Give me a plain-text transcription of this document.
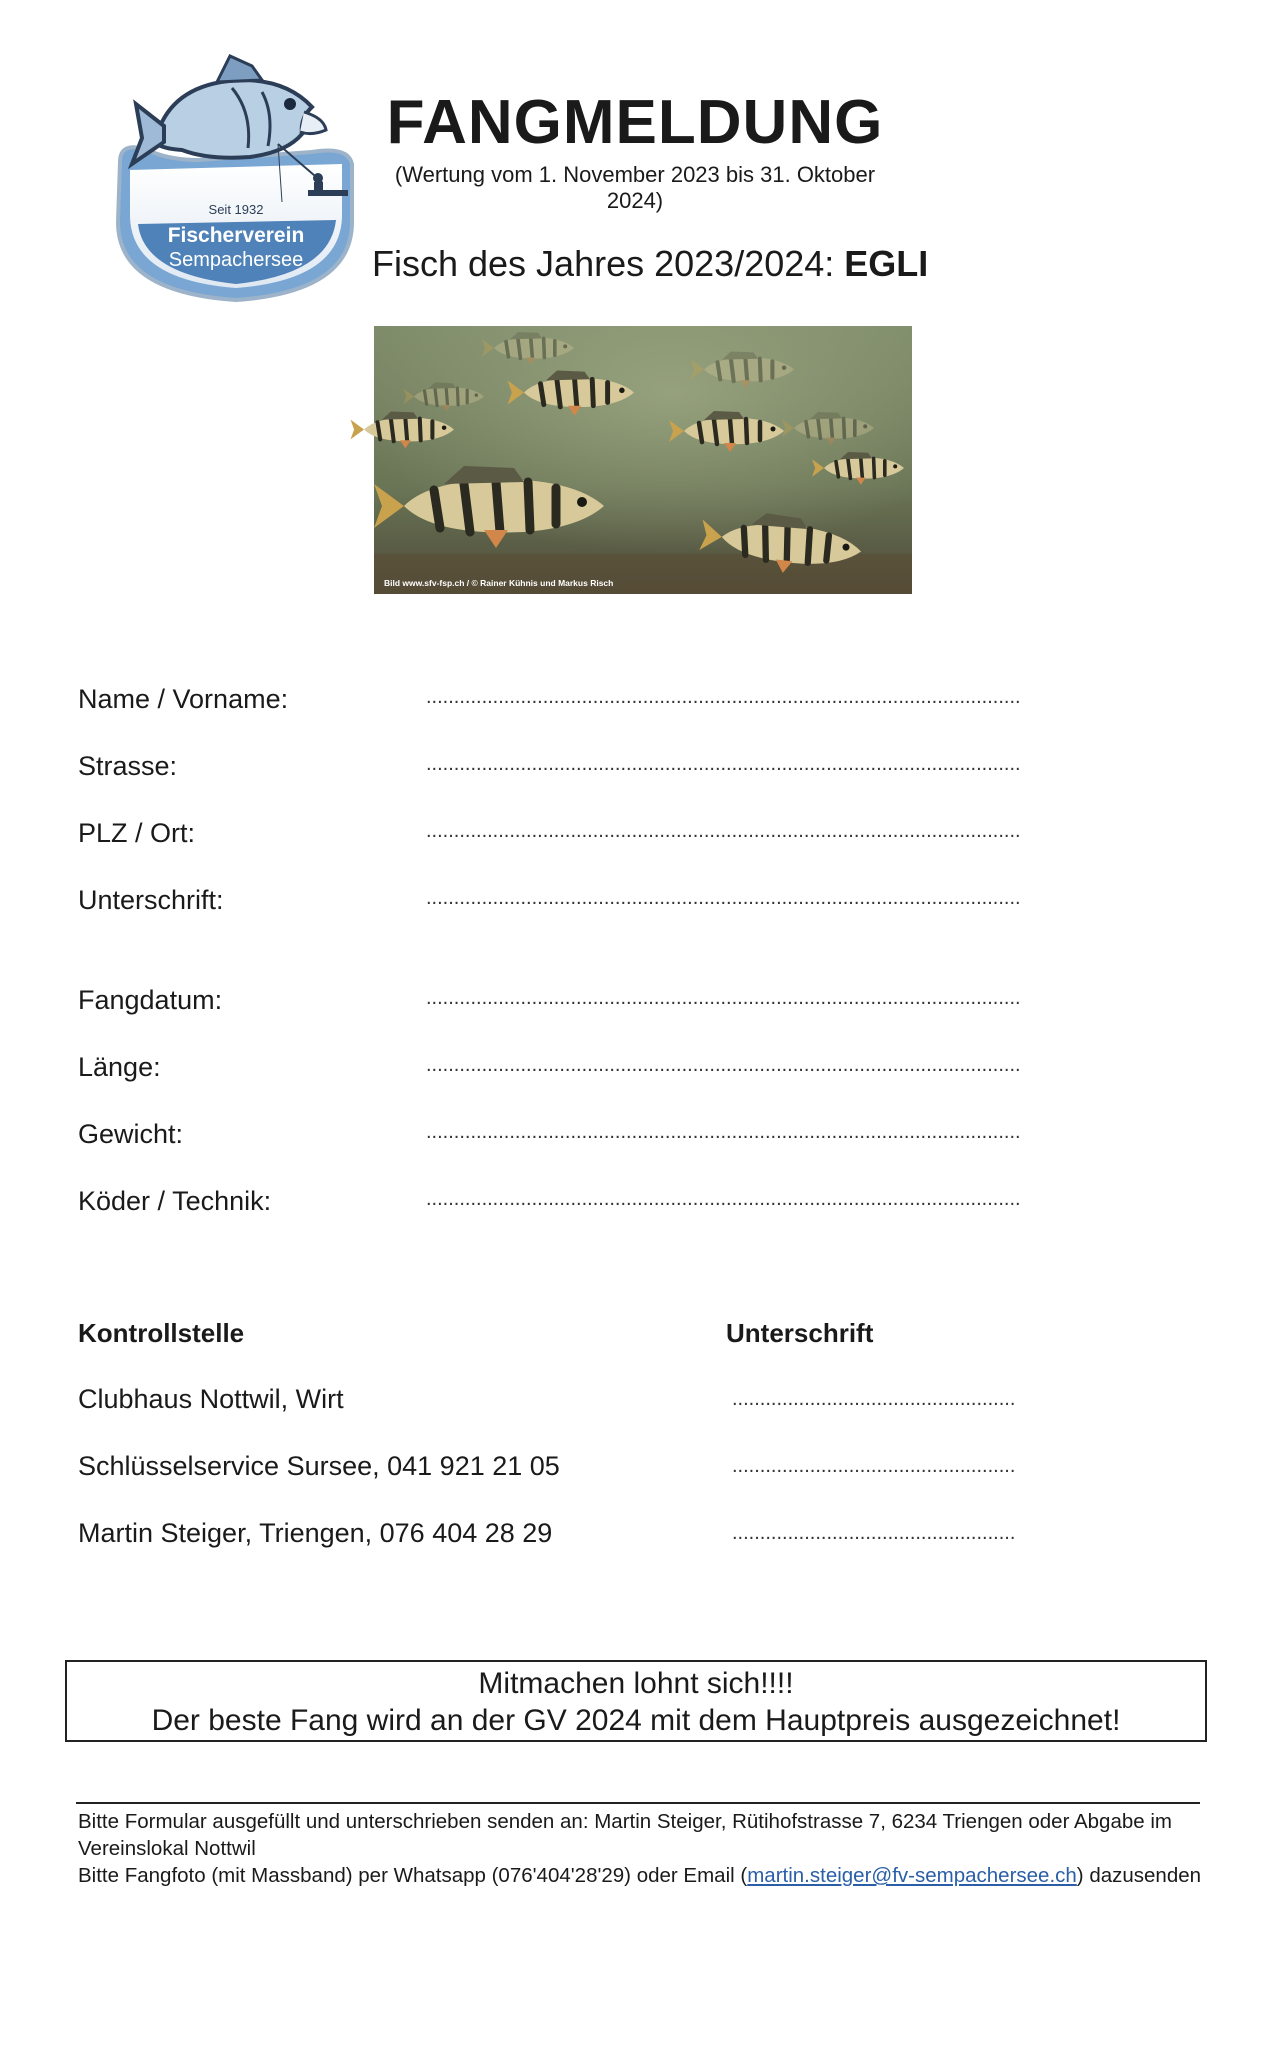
Seit 1932
Fischerverein
Sempachersee
FANGMELDUNG
(Wertung vom 1. November 2023 bis 31. Oktober 2024)
Fisch des Jahres 2023/2024: EGLI
Bild www.sfv-fsp.ch / © Rainer Kühnis und Markus Risch
Name / Vorname:	...........................................................................................................
Strasse:	...........................................................................................................
PLZ / Ort:	...........................................................................................................
Unterschrift:	...........................................................................................................
Fangdatum:	...........................................................................................................
Länge:	...........................................................................................................
Gewicht:	...........................................................................................................
Köder / Technik:	...........................................................................................................
Kontrollstelle	Unterschrift
Clubhaus Nottwil, Wirt	...................................................
Schlüsselservice Sursee, 041 921 21 05	...................................................
Martin Steiger, Triengen, 076 404 28 29	...................................................
Mitmachen lohnt sich!!!!
Der beste Fang wird an der GV 2024 mit dem Hauptpreis ausgezeichnet!
Bitte Formular ausgefüllt und unterschrieben senden an: Martin Steiger, Rütihofstrasse 7, 6234 Triengen oder Abgabe im Vereinslokal Nottwil
Bitte Fangfoto (mit Massband) per Whatsapp (076'404'28'29) oder Email (martin.steiger@fv-sempachersee.ch) dazusenden
